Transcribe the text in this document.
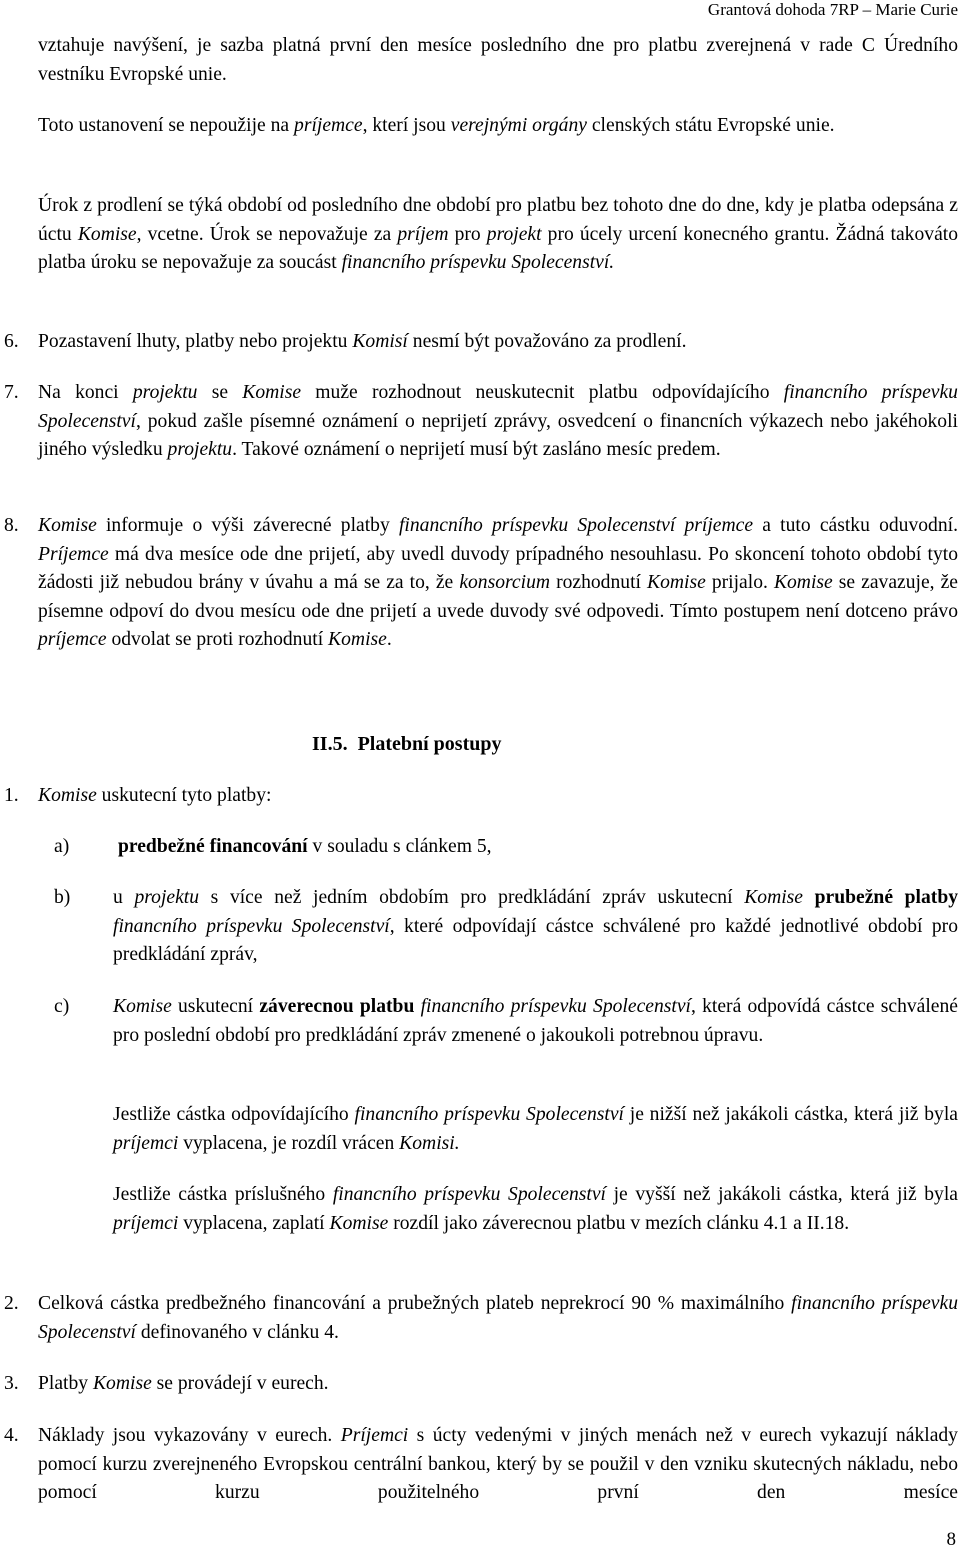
Grantová dohoda 7RP – Marie Curie

vztahuje navýšení, je sazba platná první den mesíce posledního dne pro platbu zverejnená v rade C Úredního vestníku Evropské unie.

Toto ustanovení se nepoužije na príjemce, kterí jsou verejnými orgány clenských státu Evropské unie.

Úrok z prodlení se týká období od posledního dne období pro platbu bez tohoto dne do dne, kdy je platba odepsána z úctu Komise, vcetne. Úrok se nepovažuje za príjem pro projekt pro úcely urcení konecného grantu. Žádná takováto platba úroku se nepovažuje za soucást financního príspevku Spolecenství.

6. Pozastavení lhuty, platby nebo projektu Komisí nesmí být považováno za prodlení.

7. Na konci projektu se Komise muže rozhodnout neuskutecnit platbu odpovídajícího financního príspevku Spolecenství, pokud zašle písemné oznámení o neprijetí zprávy, osvedcení o financních výkazech nebo jakéhokoli jiného výsledku projektu. Takové oznámení o neprijetí musí být zasláno mesíc predem.

8. Komise informuje o výši záverecné platby financního príspevku Spolecenství príjemce a tuto cástku oduvodní. Príjemce má dva mesíce ode dne prijetí, aby uvedl duvody prípadného nesouhlasu. Po skoncení tohoto období tyto žádosti již nebudou brány v úvahu a má se za to, že konsorcium rozhodnutí Komise prijalo. Komise se zavazuje, že písemne odpoví do dvou mesícu ode dne prijetí a uvede duvody své odpovedi. Tímto postupem není dotceno právo príjemce odvolat se proti rozhodnutí Komise.

II.5.  Platební postupy
1. Komise uskutecní tyto platby:

a) predbežné financování v souladu s clánkem 5,

b) u projektu s více než jedním obdobím pro predkládání zpráv uskutecní Komise prubežné platby financního príspevku Spolecenství, které odpovídají cástce schválené pro každé jednotlivé období pro predkládání zpráv,

c) Komise uskutecní záverecnou platbu financního príspevku Spolecenství, která odpovídá cástce schválené pro poslední období pro predkládání zpráv zmenené o jakoukoli potrebnou úpravu.

Jestliže cástka odpovídajícího financního príspevku Spolecenství je nižší než jakákoli cástka, která již byla príjemci vyplacena, je rozdíl vrácen Komisi.

Jestliže cástka príslušného financního príspevku Spolecenství je vyšší než jakákoli cástka, která již byla príjemci vyplacena, zaplatí Komise rozdíl jako záverecnou platbu v mezích clánku 4.1 a II.18.

2. Celková cástka predbežného financování a prubežných plateb neprekrocí 90 % maximálního financního príspevku Spolecenství definovaného v clánku 4.

3. Platby Komise se provádejí v eurech.

4. Náklady jsou vykazovány v eurech. Príjemci s úcty vedenými v jiných menách než v eurech vykazují náklady pomocí kurzu zverejneného Evropskou centrální bankou, který by se použil v den vzniku skutecných nákladu, nebo pomocí kurzu použitelného první den mesíce

8
